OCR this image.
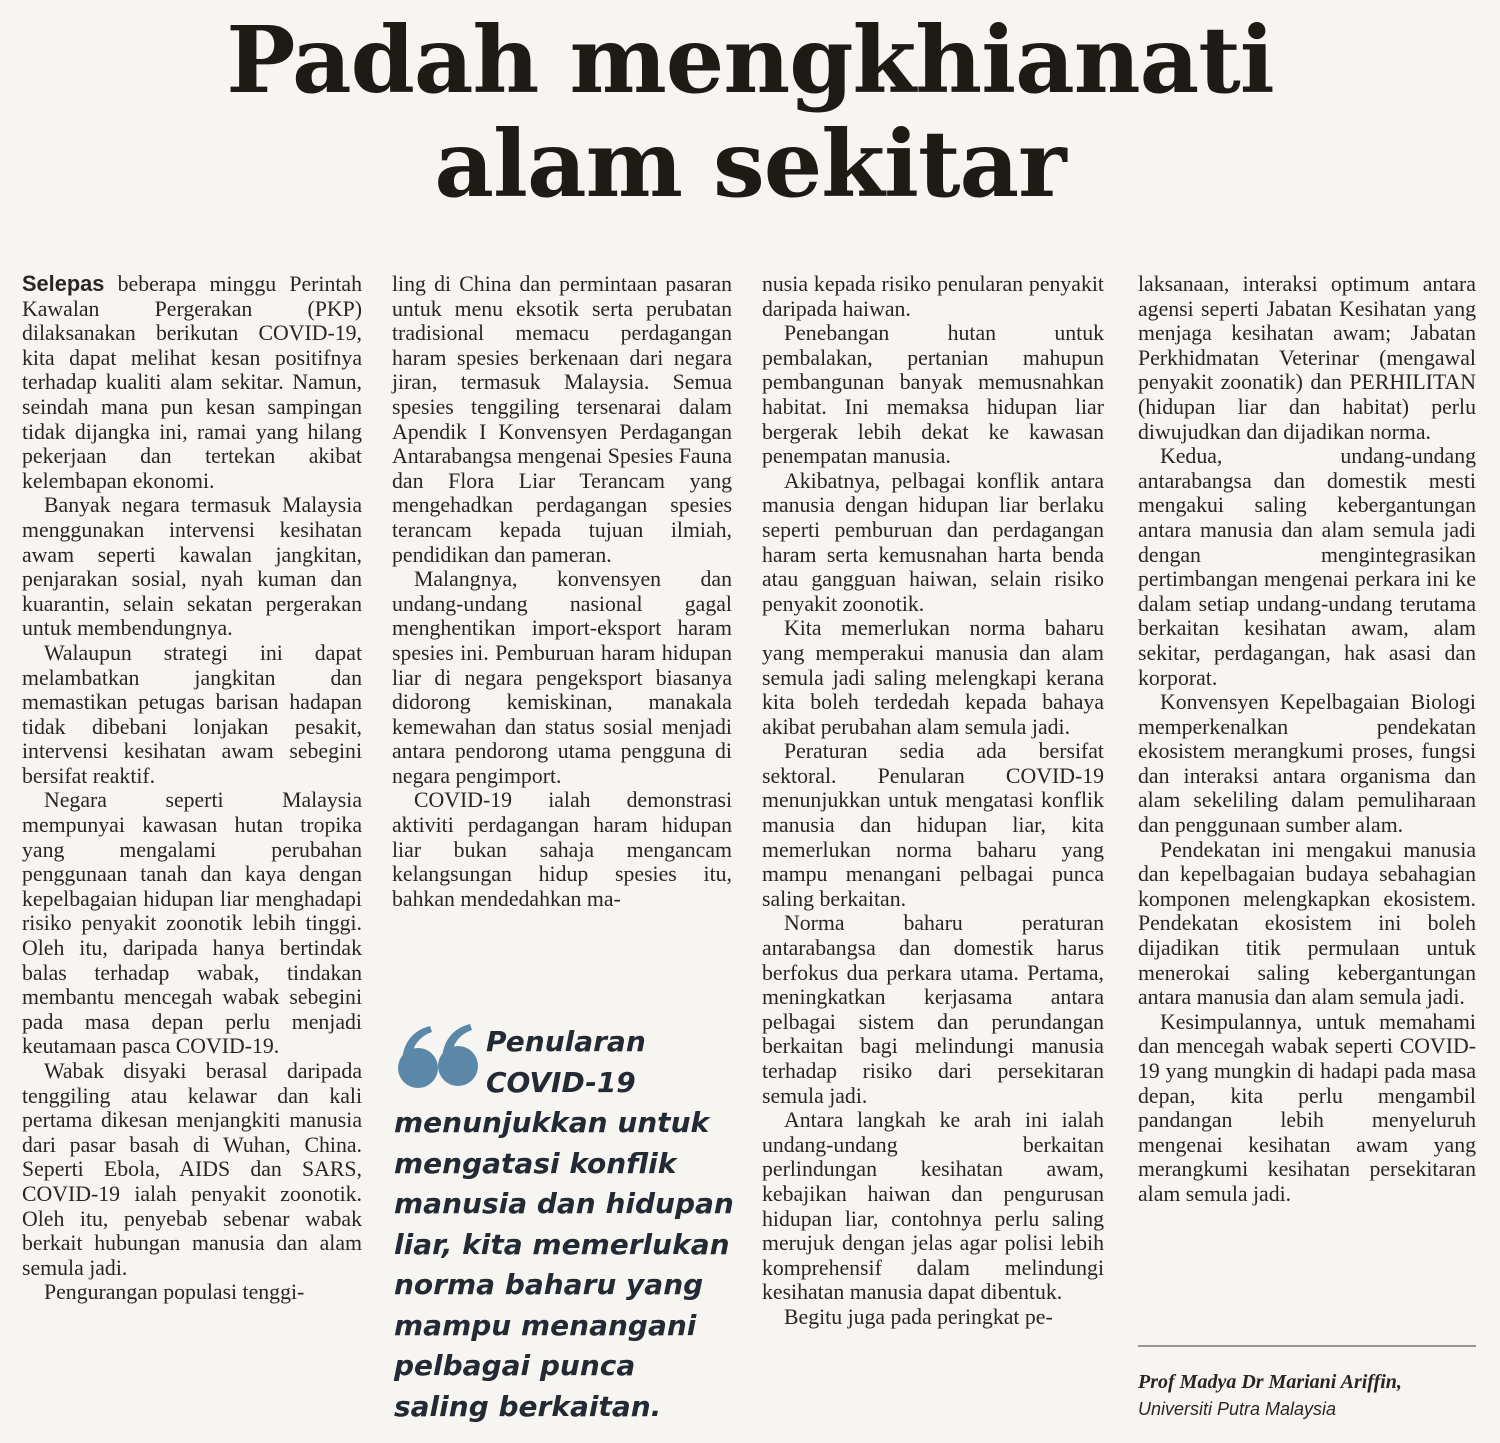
Padah mengkhianati
alam sekitar

Selepas beberapa minggu Perintah Kawalan Pergerakan (PKP) dilaksanakan berikutan COVID-19, kita dapat melihat kesan positifnya terhadap kualiti alam sekitar. Namun, seindah mana pun kesan sampingan tidak dijangka ini, ramai yang hilang pekerjaan dan tertekan akibat kelembapan ekonomi.

Banyak negara termasuk Malaysia menggunakan intervensi kesihatan awam seperti kawalan jangkitan, penjarakan sosial, nyah kuman dan kuarantin, selain sekatan pergerakan untuk membendungnya.

Walaupun strategi ini dapat melambatkan jangkitan dan memastikan petugas barisan hadapan tidak dibebani lonjakan pesakit, intervensi kesihatan awam sebegini bersifat reaktif.

Negara seperti Malaysia mempunyai kawasan hutan tropika yang mengalami perubahan penggunaan tanah dan kaya dengan kepelbagaian hidupan liar menghadapi risiko penyakit zoonotik lebih tinggi. Oleh itu, daripada hanya bertindak balas terhadap wabak, tindakan membantu mencegah wabak sebegini pada masa depan perlu menjadi keutamaan pasca COVID-19.

Wabak disyaki berasal daripada tenggiling atau kelawar dan kali pertama dikesan menjangkiti manusia dari pasar basah di Wuhan, China. Seperti Ebola, AIDS dan SARS, COVID-19 ialah penyakit zoonotik. Oleh itu, penyebab sebenar wabak berkait hubungan manusia dan alam semula jadi.

Pengurangan populasi tenggi-

ling di China dan permintaan pasaran untuk menu eksotik serta perubatan tradisional memacu perdagangan haram spesies berkenaan dari negara jiran, termasuk Malaysia. Semua spesies tenggiling tersenarai dalam Apendik I Konvensyen Perdagangan Antarabangsa mengenai Spesies Fauna dan Flora Liar Terancam yang mengehadkan perdagangan spesies terancam kepada tujuan ilmiah, pendidikan dan pameran.

Malangnya, konvensyen dan undang-undang nasional gagal menghentikan import-eksport haram spesies ini. Pemburuan haram hidupan liar di negara pengeksport biasanya didorong kemiskinan, manakala kemewahan dan status sosial menjadi antara pendorong utama pengguna di negara pengimport.

COVID-19 ialah demonstrasi aktiviti perdagangan haram hidupan liar bukan sahaja mengancam kelangsungan hidup spesies itu, bahkan mendedahkan ma-

Penularan
COVID-19
menunjukkan untuk
mengatasi konflik
manusia dan hidupan
liar, kita memerlukan
norma baharu yang
mampu menangani
pelbagai punca
saling berkaitan.

nusia kepada risiko penularan penyakit daripada haiwan.

Penebangan hutan untuk pembalakan, pertanian mahupun pembangunan banyak memusnahkan habitat. Ini memaksa hidupan liar bergerak lebih dekat ke kawasan penempatan manusia.

Akibatnya, pelbagai konflik antara manusia dengan hidupan liar berlaku seperti pemburuan dan perdagangan haram serta kemusnahan harta benda atau gangguan haiwan, selain risiko penyakit zoonotik.

Kita memerlukan norma baharu yang memperakui manusia dan alam semula jadi saling melengkapi kerana kita boleh terdedah kepada bahaya akibat perubahan alam semula jadi.

Peraturan sedia ada bersifat sektoral. Penularan COVID-19 menunjukkan untuk mengatasi konflik manusia dan hidupan liar, kita memerlukan norma baharu yang mampu menangani pelbagai punca saling berkaitan.

Norma baharu peraturan antarabangsa dan domestik harus berfokus dua perkara utama. Pertama, meningkatkan kerjasama antara pelbagai sistem dan perundangan berkaitan bagi melindungi manusia terhadap risiko dari persekitaran semula jadi.

Antara langkah ke arah ini ialah undang-undang berkaitan perlindungan kesihatan awam, kebajikan haiwan dan pengurusan hidupan liar, contohnya perlu saling merujuk dengan jelas agar polisi lebih komprehensif dalam melindungi kesihatan manusia dapat dibentuk.

Begitu juga pada peringkat pe-

laksanaan, interaksi optimum antara agensi seperti Jabatan Kesihatan yang menjaga kesihatan awam; Jabatan Perkhidmatan Veterinar (mengawal penyakit zoonatik) dan PERHILITAN (hidupan liar dan habitat) perlu diwujudkan dan dijadikan norma.

Kedua, undang-undang antarabangsa dan domestik mesti mengakui saling kebergantungan antara manusia dan alam semula jadi dengan mengintegrasikan pertimbangan mengenai perkara ini ke dalam setiap undang-undang terutama berkaitan kesihatan awam, alam sekitar, perdagangan, hak asasi dan korporat.

Konvensyen Kepelbagaian Biologi memperkenalkan pendekatan ekosistem merangkumi proses, fungsi dan interaksi antara organisma dan alam sekeliling dalam pemuliharaan dan penggunaan sumber alam.

Pendekatan ini mengakui manusia dan kepelbagaian budaya sebahagian komponen melengkapkan ekosistem. Pendekatan ekosistem ini boleh dijadikan titik permulaan untuk menerokai saling kebergantungan antara manusia dan alam semula jadi.

Kesimpulannya, untuk memahami dan mencegah wabak seperti COVID-19 yang mungkin di hadapi pada masa depan, kita perlu mengambil pandangan lebih menyeluruh mengenai kesihatan awam yang merangkumi kesihatan persekitaran alam semula jadi.

Prof Madya Dr Mariani Ariffin,
Universiti Putra Malaysia
